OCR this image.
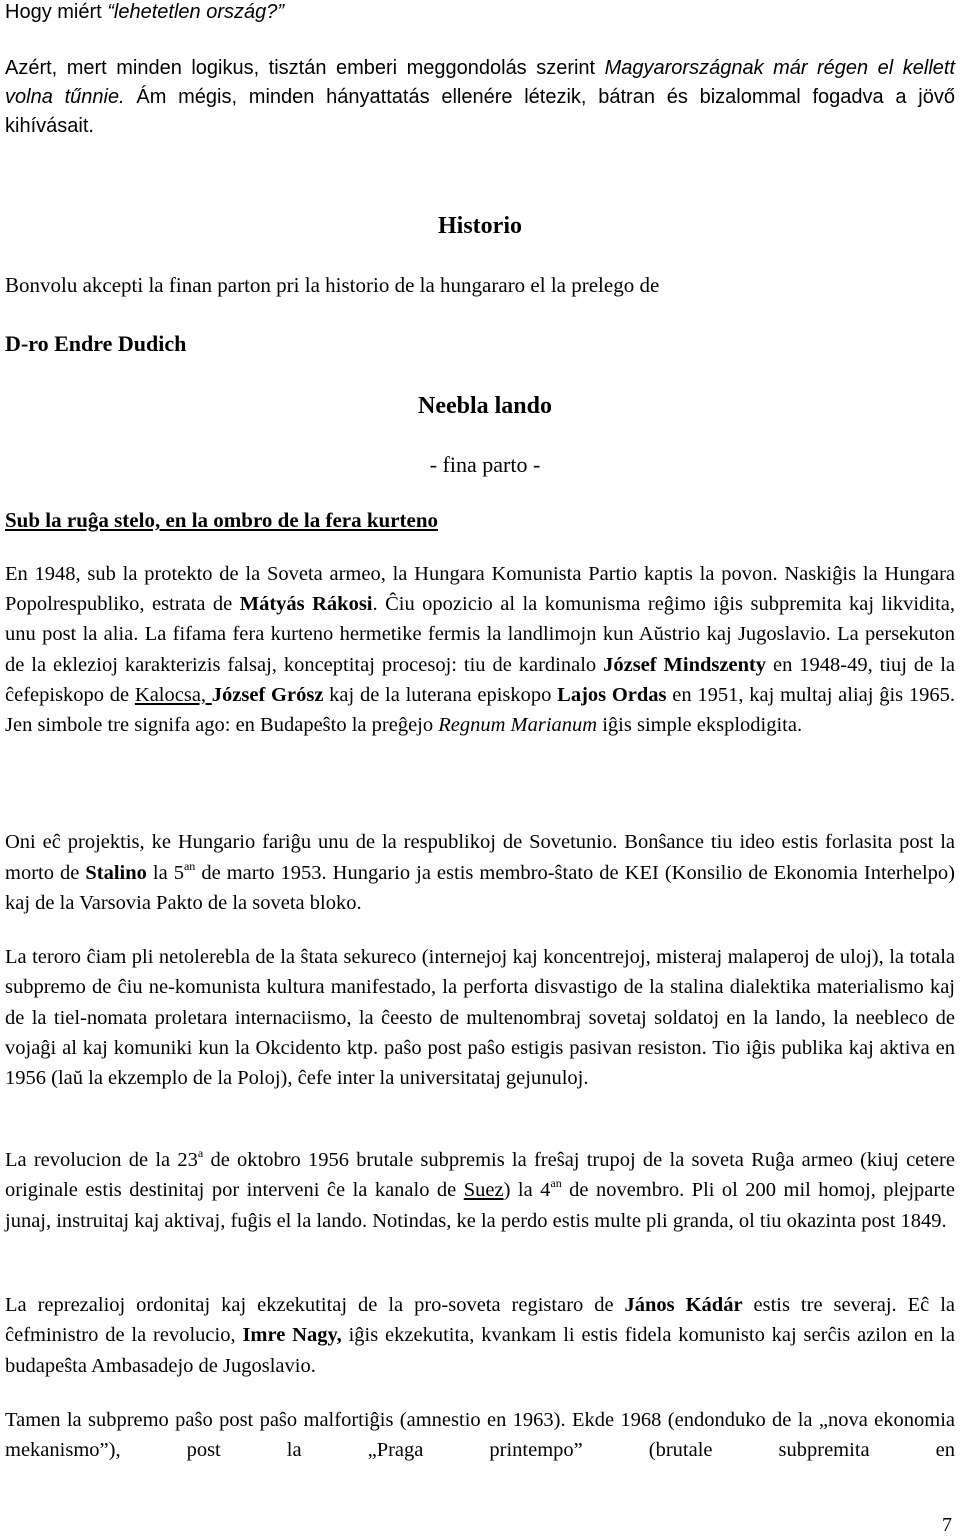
Hogy miért “lehetetlen ország?”

Azért, mert minden logikus, tisztán emberi meggondolás szerint Magyarországnak már régen el kellett volna tűnnie. Ám mégis, minden hányattatás ellenére létezik, bátran és bizalommal fogadva a jövő kihívásait.

Historio

Bonvolu akcepti la finan parton pri la historio de la hungararo el la prelego de

D-ro Endre Dudich

Neebla lando

- fina parto -

Sub la ruĝa stelo, en la ombro de la fera kurteno

En 1948, sub la protekto de la Soveta armeo, la Hungara Komunista Partio kaptis la povon. Naskiĝis la Hungara Popolrespubliko, estrata de Mátyás Rákosi. Ĉiu opozicio al la komunisma reĝimo iĝis subpremita kaj likvidita, unu post la alia. La fifama fera kurteno hermetike fermis la landlimojn kun Aŭstrio kaj Jugoslavio. La persekuton de la eklezioj karakterizis falsaj, konceptitaj procesoj: tiu de kardinalo József Mindszenty en 1948-49, tiuj de la ĉefepiskopo de Kalocsa, József Grósz kaj de la luterana episkopo Lajos Ordas en 1951, kaj multaj aliaj ĝis 1965. Jen simbole tre signifa ago: en Budapeŝto la preĝejo Regnum Marianum iĝis simple eksplodigita.

Oni eĉ projektis, ke Hungario fariĝu unu de la respublikoj de Sovetunio. Bonŝance tiu ideo estis forlasita post la morto de Stalino la $5^{an}$ de marto 1953. Hungario ja estis membro-ŝtato de KEI (Konsilio de Ekonomia Interhelpo) kaj de la Varsovia Pakto de la soveta bloko.

La teroro ĉiam pli netolerebla de la ŝtata sekureco (internejoj kaj koncentrejoj, misteraj malaperoj de uloj), la totala subpremo de ĉiu ne-komunista kultura manifestado, la perforta disvastigo de la stalina dialektika materialismo kaj de la tiel-nomata proletara internaciismo, la ĉeesto de multenombraj sovetaj soldatoj en la lando, la neebleco de vojaĝi al kaj komuniki kun la Okcidento ktp. paŝo post paŝo estigis pasivan resiston. Tio iĝis publika kaj aktiva en 1956 (laŭ la ekzemplo de la Poloj), ĉefe inter la universitataj gejunuloj.

La revolucion de la 23$^a$ de oktobro 1956 brutale subpremis la freŝaj trupoj de la soveta Ruĝa armeo (kiuj cetere originale estis destinitaj por interveni ĉe la kanalo de Suez) la $4^{an}$ de novembro. Pli ol 200 mil homoj, plejparte junaj, instruitaj kaj aktivaj, fuĝis el la lando. Notindas, ke la perdo estis multe pli granda, ol tiu okazinta post 1849.

La reprezalioj ordonitaj kaj ekzekutitaj de la pro-soveta registaro de János Kádár estis tre severaj. Eĉ la ĉefministro de la revolucio, Imre Nagy, iĝis ekzekutita, kvankam li estis fidela komunisto kaj serĉis azilon en la budapeŝta Ambasadejo de Jugoslavio.

Tamen la subpremo paŝo post paŝo malfortiĝis (amnestio en 1963). Ekde 1968 (endonduko de la „nova ekonomia mekanismo”), post la „Praga printempo” (brutale subpremita en

7
